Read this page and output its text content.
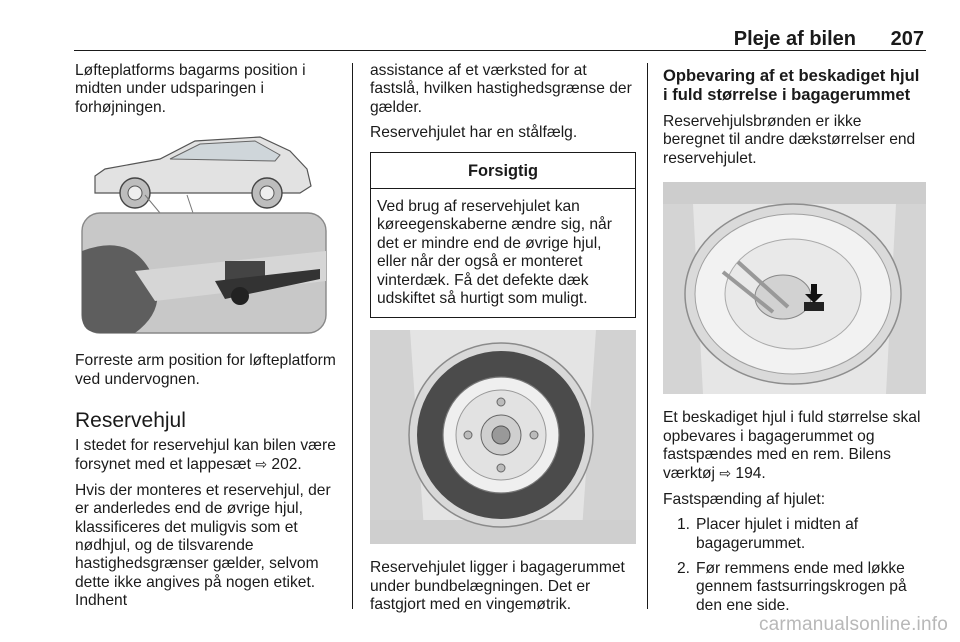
Pleje af bilen 207

Løfteplatforms bagarms position i midten under udsparingen i forhøjningen.

Forreste arm position for løfteplatform ved undervognen.

Reservehjul

I stedet for reservehjul kan bilen være forsynet med et lappesæt ⇨ 202.

Hvis der monteres et reservehjul, der er anderledes end de øvrige hjul, klassificeres det muligvis som et nødhjul, og de tilsvarende hastighedsgrænser gælder, selvom dette ikke angives på nogen etiket. Indhent

assistance af et værksted for at fastslå, hvilken hastighedsgrænse der gælder.

Reservehjulet har en stålfælg.

Forsigtig
Ved brug af reservehjulet kan køreegenskaberne ændre sig, når det er mindre end de øvrige hjul, eller når der også er monteret vinterdæk. Få det defekte dæk udskiftet så hurtigt som muligt.

Reservehjulet ligger i bagagerummet under bundbelægningen. Det er fastgjort med en vingemøtrik.

Opbevaring af et beskadiget hjul i fuld størrelse i bagagerummet

Reservehjulsbrønden er ikke beregnet til andre dækstørrelser end reservehjulet.

Et beskadiget hjul i fuld størrelse skal opbevares i bagagerummet og fastspændes med en rem. Bilens værktøj ⇨ 194.

Fastspænding af hjulet:

1. Placer hjulet i midten af bagagerummet.
2. Før remmens ende med løkke gennem fastsurringskrogen på den ene side.
carmanualsonline.info
